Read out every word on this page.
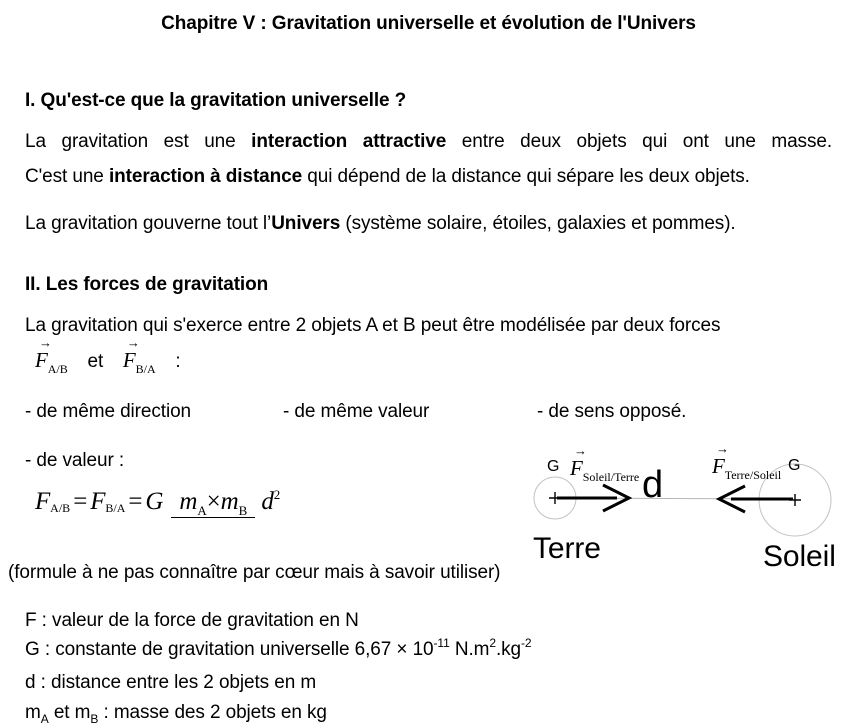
Chapitre V : Gravitation universelle et évolution de l'Univers
I. Qu'est-ce que la gravitation universelle ?
La gravitation est une interaction attractive entre deux objets qui ont une masse.
C'est une interaction à distance qui dépend de la distance qui sépare les deux objets.
La gravitation gouverne tout l’Univers (système solaire, étoiles, galaxies et pommes).
II. Les forces de gravitation
La gravitation qui s'exerce entre 2 objets A et B peut être modélisée par deux forces
→
$F_{A/B}$ et
→
$F_{B/A}$ :
- de même direction	- de même valeur	- de sens opposé.
- de valeur :
F A/B = F B/A = G $m_A\times m_B$ $d^2$
(formule à ne pas connaître par cœur mais à savoir utiliser)
F : valeur de la force de gravitation en N
G : constante de gravitation universelle $6,67 \times 10^{-11}$ $N.m^2.kg^{-2}$
d : distance entre les 2 objets en m
$m_A$ et $m_B$ : masse des 2 objets en kg
G
→
$F_{Soleil/Terre}$ d
→
$F_{Terre/Soleil}$
G
Terre	Soleil
